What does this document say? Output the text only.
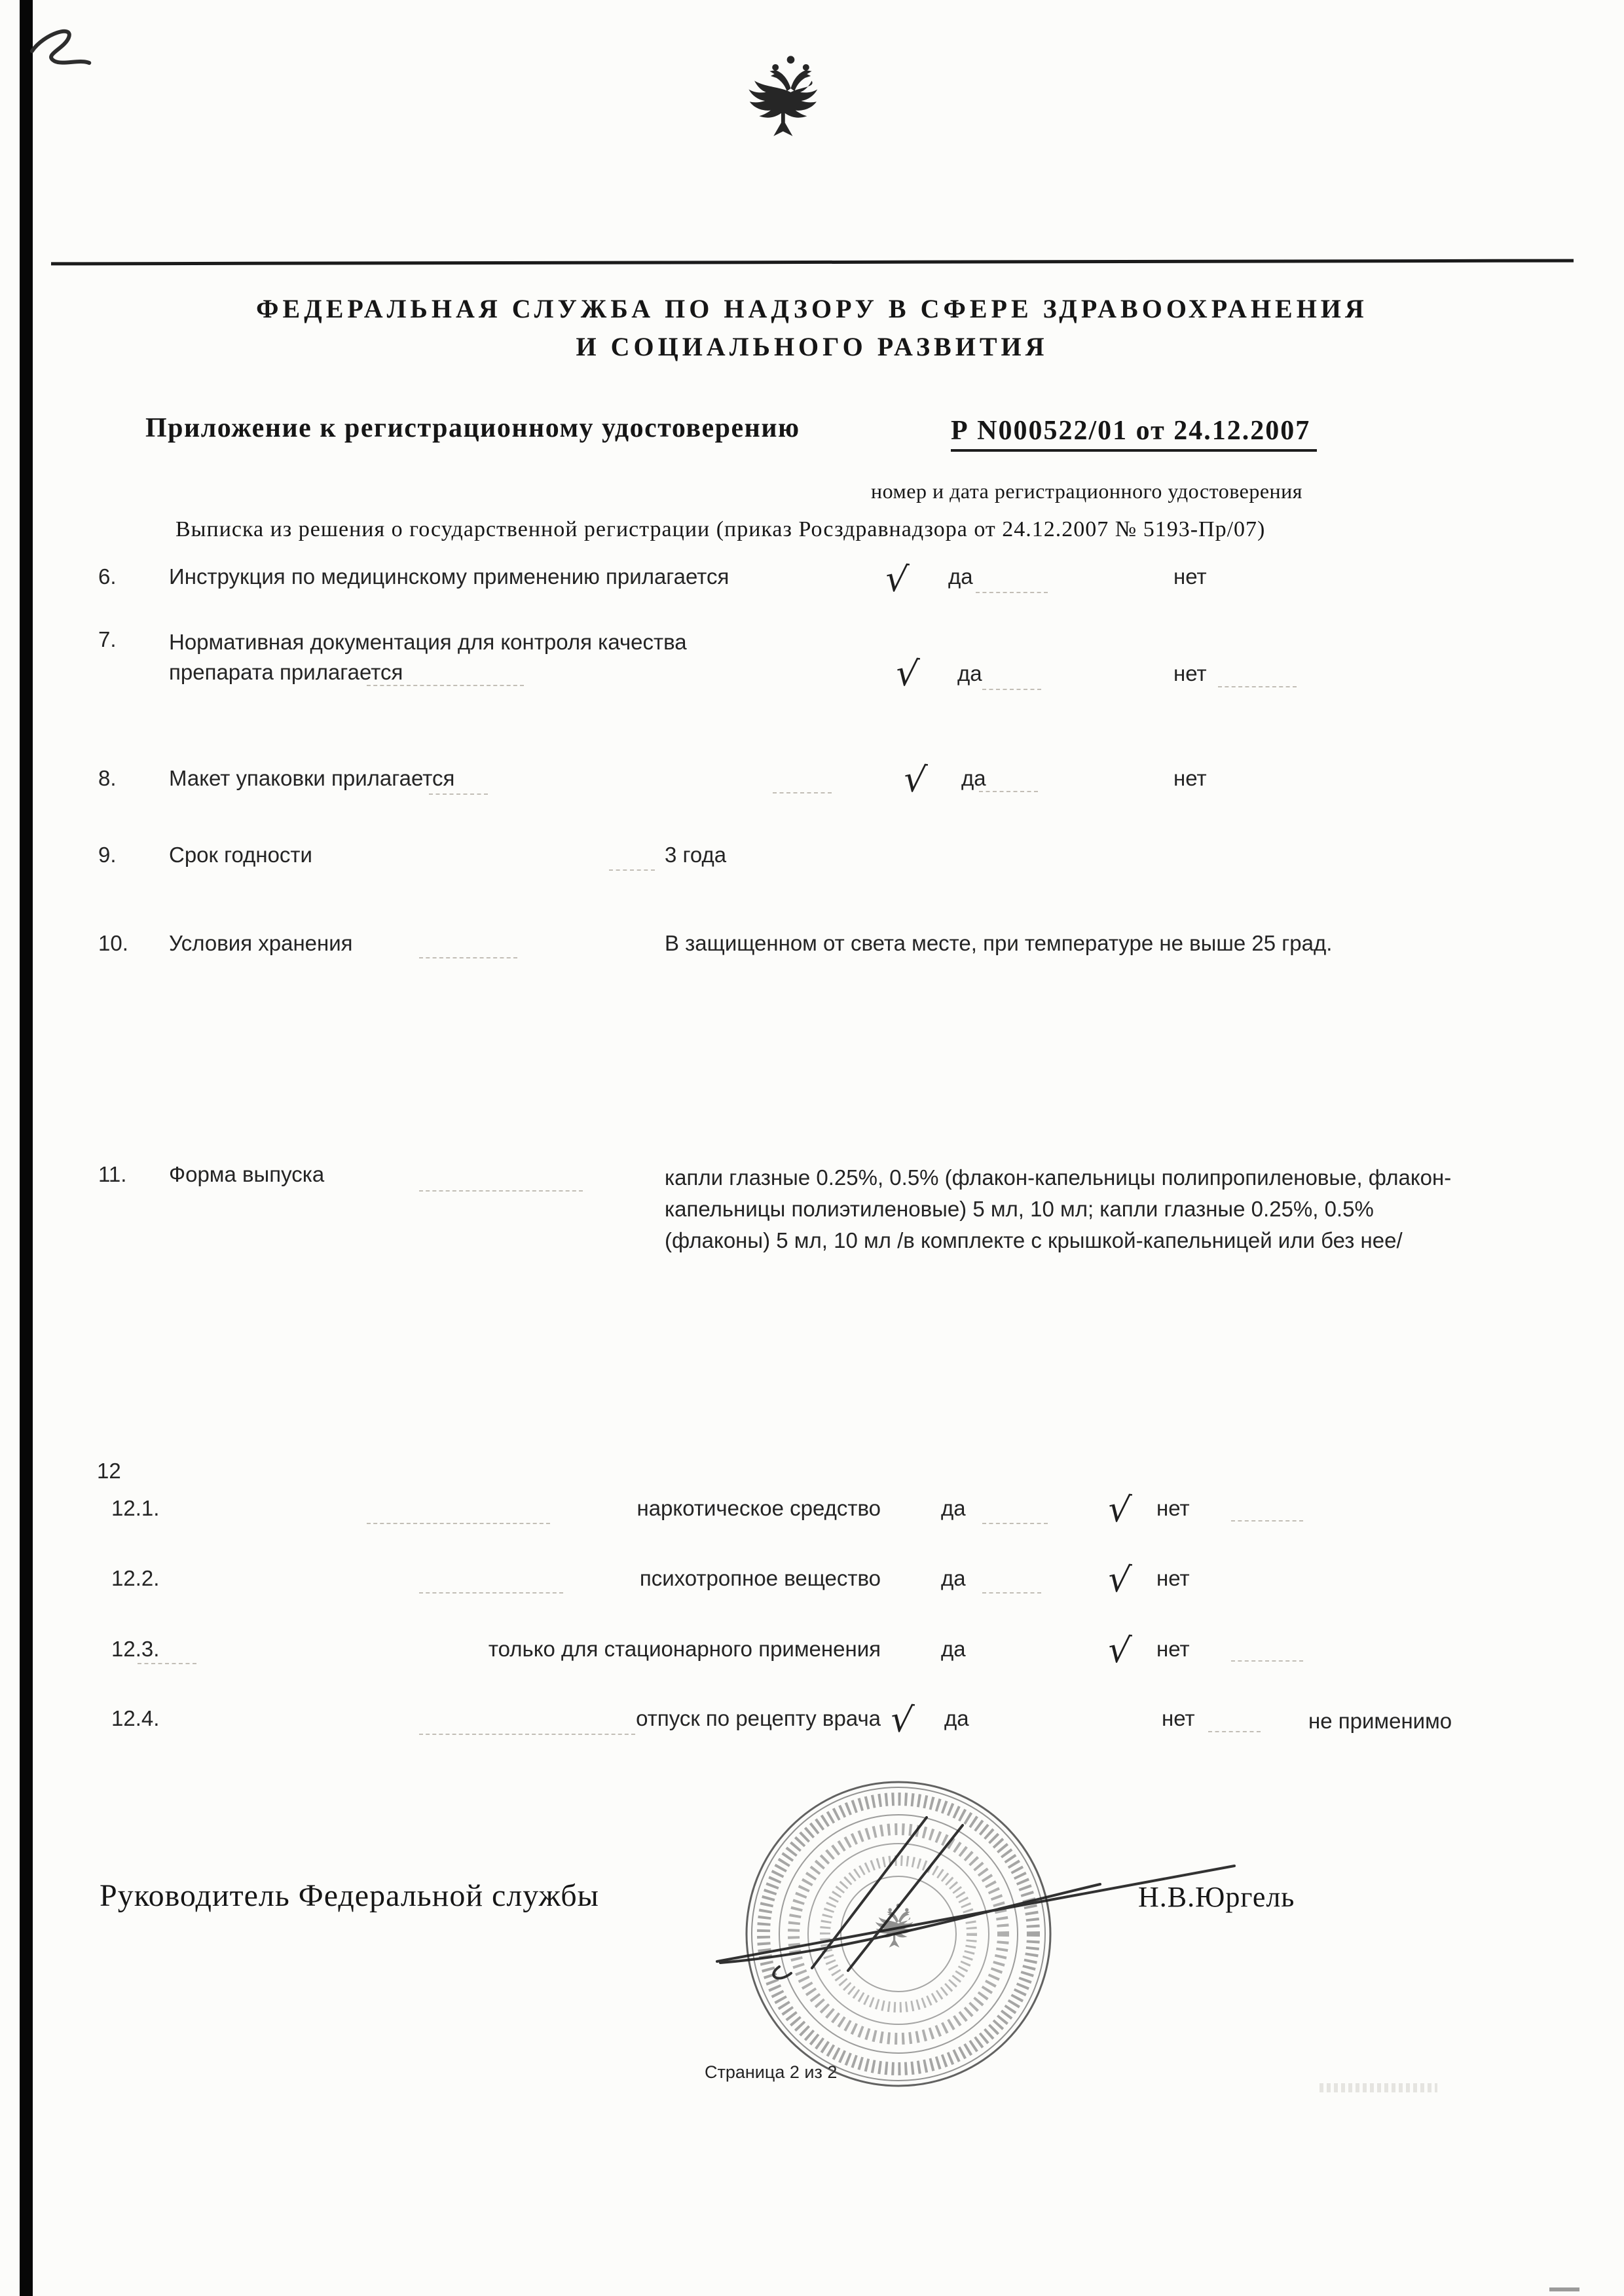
ФЕДЕРАЛЬНАЯ СЛУЖБА ПО НАДЗОРУ В СФЕРЕ ЗДРАВООХРАНЕНИЯ
И СОЦИАЛЬНОГО РАЗВИТИЯ
Приложение к регистрационному удостоверению	Р N000522/01 от 24.12.2007
номер и дата регистрационного удостоверения
Выписка из решения о государственной регистрации (приказ Росздравнадзора от 24.12.2007 № 5193-Пр/07)
6. Инструкция по медицинскому применению прилагается	√ да	нет
7. Нормативная документация для контроля качества препарата прилагается	√ да	нет
8. Макет упаковки прилагается	√ да	нет
9. Срок годности	3 года
10. Условия хранения	В защищенном от света месте, при температуре не выше 25 град.
11. Форма выпуска	капли глазные 0.25%, 0.5% (флакон-капельницы полипропиленовые, флакон-капельницы полиэтиленовые) 5 мл, 10 мл; капли глазные 0.25%, 0.5% (флаконы) 5 мл, 10 мл /в комплекте с крышкой-капельницей или без нее/
12
12.1.	наркотическое средство	да	√ нет
12.2.	психотропное вещество	да	√ нет
12.3.	только для стационарного применения	да	√ нет
12.4.	отпуск по рецепту врача √ да	нет	не применимо
Руководитель Федеральной службы	Н.В.Юргель
Страница 2 из 2
